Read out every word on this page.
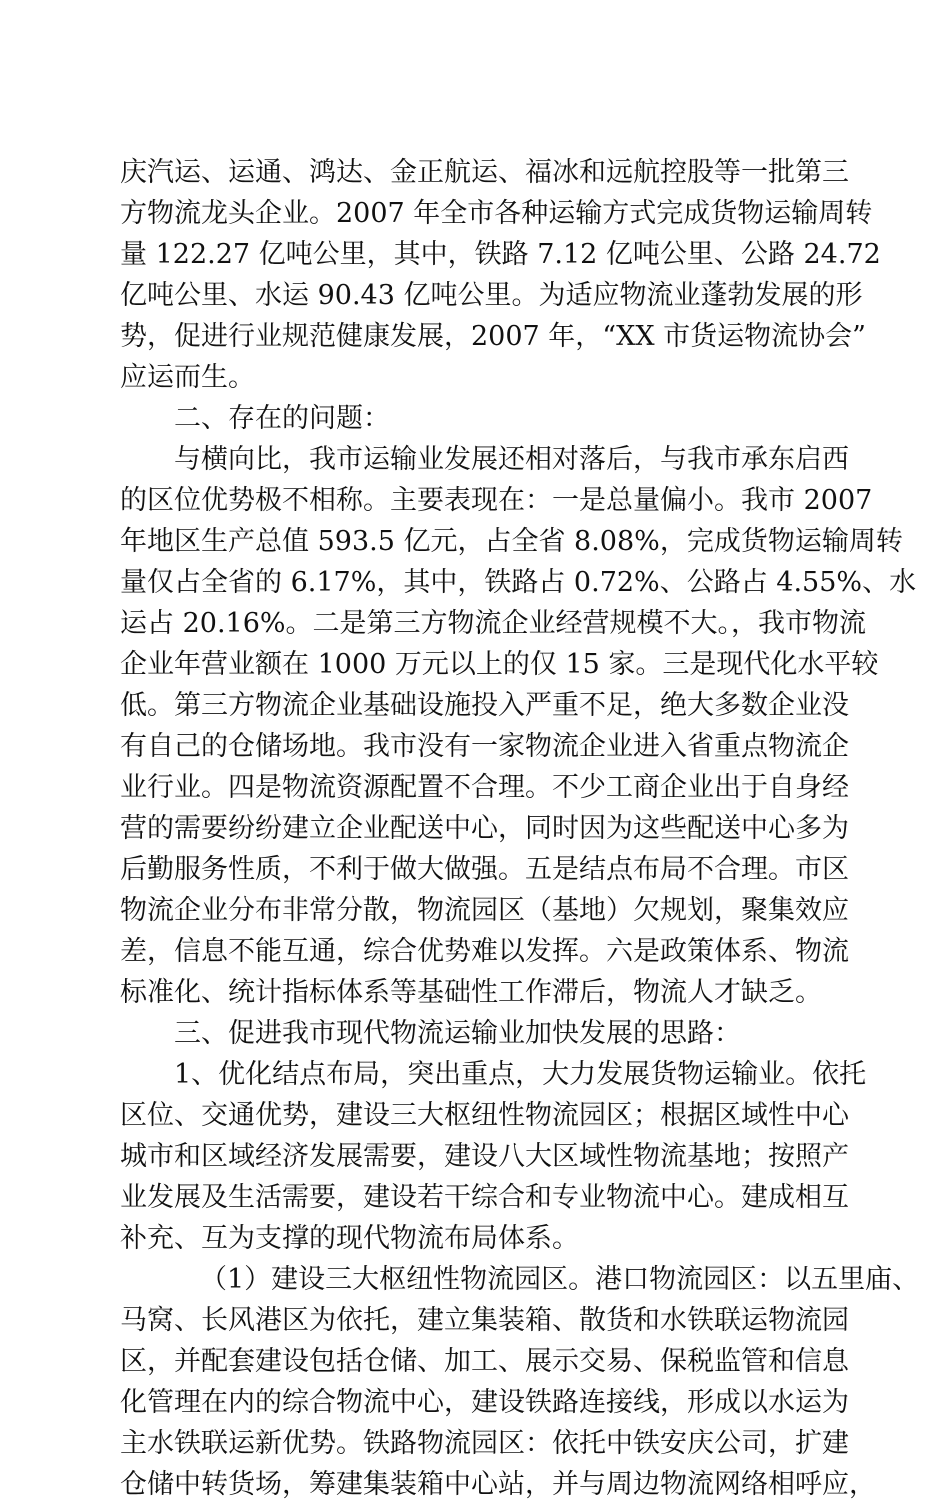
庆汽运、运通、鸿达、金正航运、福冰和远航控股等一批第三
方物流龙头企业。2007 年全市各种运输方式完成货物运输周转
量 122.27 亿吨公里，其中，铁路 7.12 亿吨公里、公路 24.72
亿吨公里、水运 90.43 亿吨公里。为适应物流业蓬勃发展的形
势，促进行业规范健康发展，2007 年，“XX 市货运物流协会”
应运而生。
二、存在的问题：
与横向比，我市运输业发展还相对落后，与我市承东启西
的区位优势极不相称。主要表现在：一是总量偏小。我市 2007
年地区生产总值 593.5 亿元，占全省 8.08%，完成货物运输周转
量仅占全省的 6.17%，其中，铁路占 0.72%、公路占 4.55%、水
运占 20.16%。二是第三方物流企业经营规模不大。，我市物流
企业年营业额在 1000 万元以上的仅 15 家。三是现代化水平较
低。第三方物流企业基础设施投入严重不足，绝大多数企业没
有自己的仓储场地。我市没有一家物流企业进入省重点物流企
业行业。四是物流资源配置不合理。不少工商企业出于自身经
营的需要纷纷建立企业配送中心，同时因为这些配送中心多为
后勤服务性质，不利于做大做强。五是结点布局不合理。市区
物流企业分布非常分散，物流园区（基地）欠规划，聚集效应
差，信息不能互通，综合优势难以发挥。六是政策体系、物流
标准化、统计指标体系等基础性工作滞后，物流人才缺乏。
三、促进我市现代物流运输业加快发展的思路：
1、优化结点布局，突出重点，大力发展货物运输业。依托
区位、交通优势，建设三大枢纽性物流园区；根据区域性中心
城市和区域经济发展需要，建设八大区域性物流基地；按照产
业发展及生活需要，建设若干综合和专业物流中心。建成相互
补充、互为支撑的现代物流布局体系。
（1）建设三大枢纽性物流园区。港口物流园区：以五里庙、
马窝、长风港区为依托，建立集装箱、散货和水铁联运物流园
区，并配套建设包括仓储、加工、展示交易、保税监管和信息
化管理在内的综合物流中心，建设铁路连接线，形成以水运为
主水铁联运新优势。铁路物流园区：依托中铁安庆公司，扩建
仓储中转货场，筹建集装箱中心站，并与周边物流网络相呼应，
